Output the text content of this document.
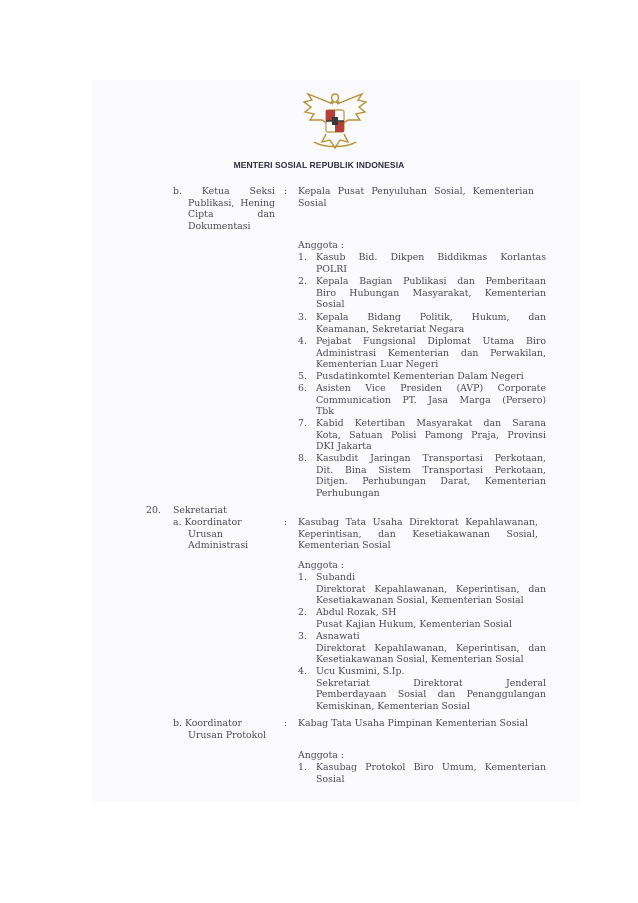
MENTERI SOSIAL REPUBLIK INDONESIA
b. Ketua Seksi
Publikasi, Hening
Cipta dan
Dokumentasi
: Kepala Pusat Penyuluhan Sosial, Kementerian
Sosial
Anggota :
1. Kasub Bid. Dikpen Biddikmas Korlantas
POLRI
2. Kepala Bagian Publikasi dan Pemberitaan
Biro Hubungan Masyarakat, Kementerian
Sosial
3. Kepala Bidang Politik, Hukum, dan
Keamanan, Sekretariat Negara
4. Pejabat Fungsional Diplomat Utama Biro
Administrasi Kementerian dan Perwakilan,
Kementerian Luar Negeri
5. Pusdatinkomtel Kementerian Dalam Negeri
6. Asisten Vice Presiden (AVP) Corporate
Communication PT. Jasa Marga (Persero)
Tbk
7. Kabid Ketertiban Masyarakat dan Sarana
Kota, Satuan Polisi Pamong Praja, Provinsi
DKI Jakarta
8. Kasubdit Jaringan Transportasi Perkotaan,
Dit. Bina Sistem Transportasi Perkotaan,
Ditjen. Perhubungan Darat, Kementerian
Perhubungan
20. Sekretariat
a. Koordinator
Urusan
Administrasi
: Kasubag Tata Usaha Direktorat Kepahlawanan,
Keperintisan, dan Kesetiakawanan Sosial,
Kementerian Sosial
Anggota :
1. Subandi
Direktorat Kepahlawanan, Keperintisan, dan
Kesetiakawanan Sosial, Kementerian Sosial
2. Abdul Rozak, SH
Pusat Kajian Hukum, Kementerian Sosial
3. Asnawati
Direktorat Kepahlawanan, Keperintisan, dan
Kesetiakawanan Sosial, Kementerian Sosial
4. Ucu Kusmini, S.Ip.
Sekretariat Direktorat Jenderal
Pemberdayaan Sosial dan Penanggulangan
Kemiskinan, Kementerian Sosial
b. Koordinator
Urusan Protokol
: Kabag Tata Usaha Pimpinan Kementerian Sosial
Anggota :
1. Kasubag Protokol Biro Umum, Kementerian
Sosial
